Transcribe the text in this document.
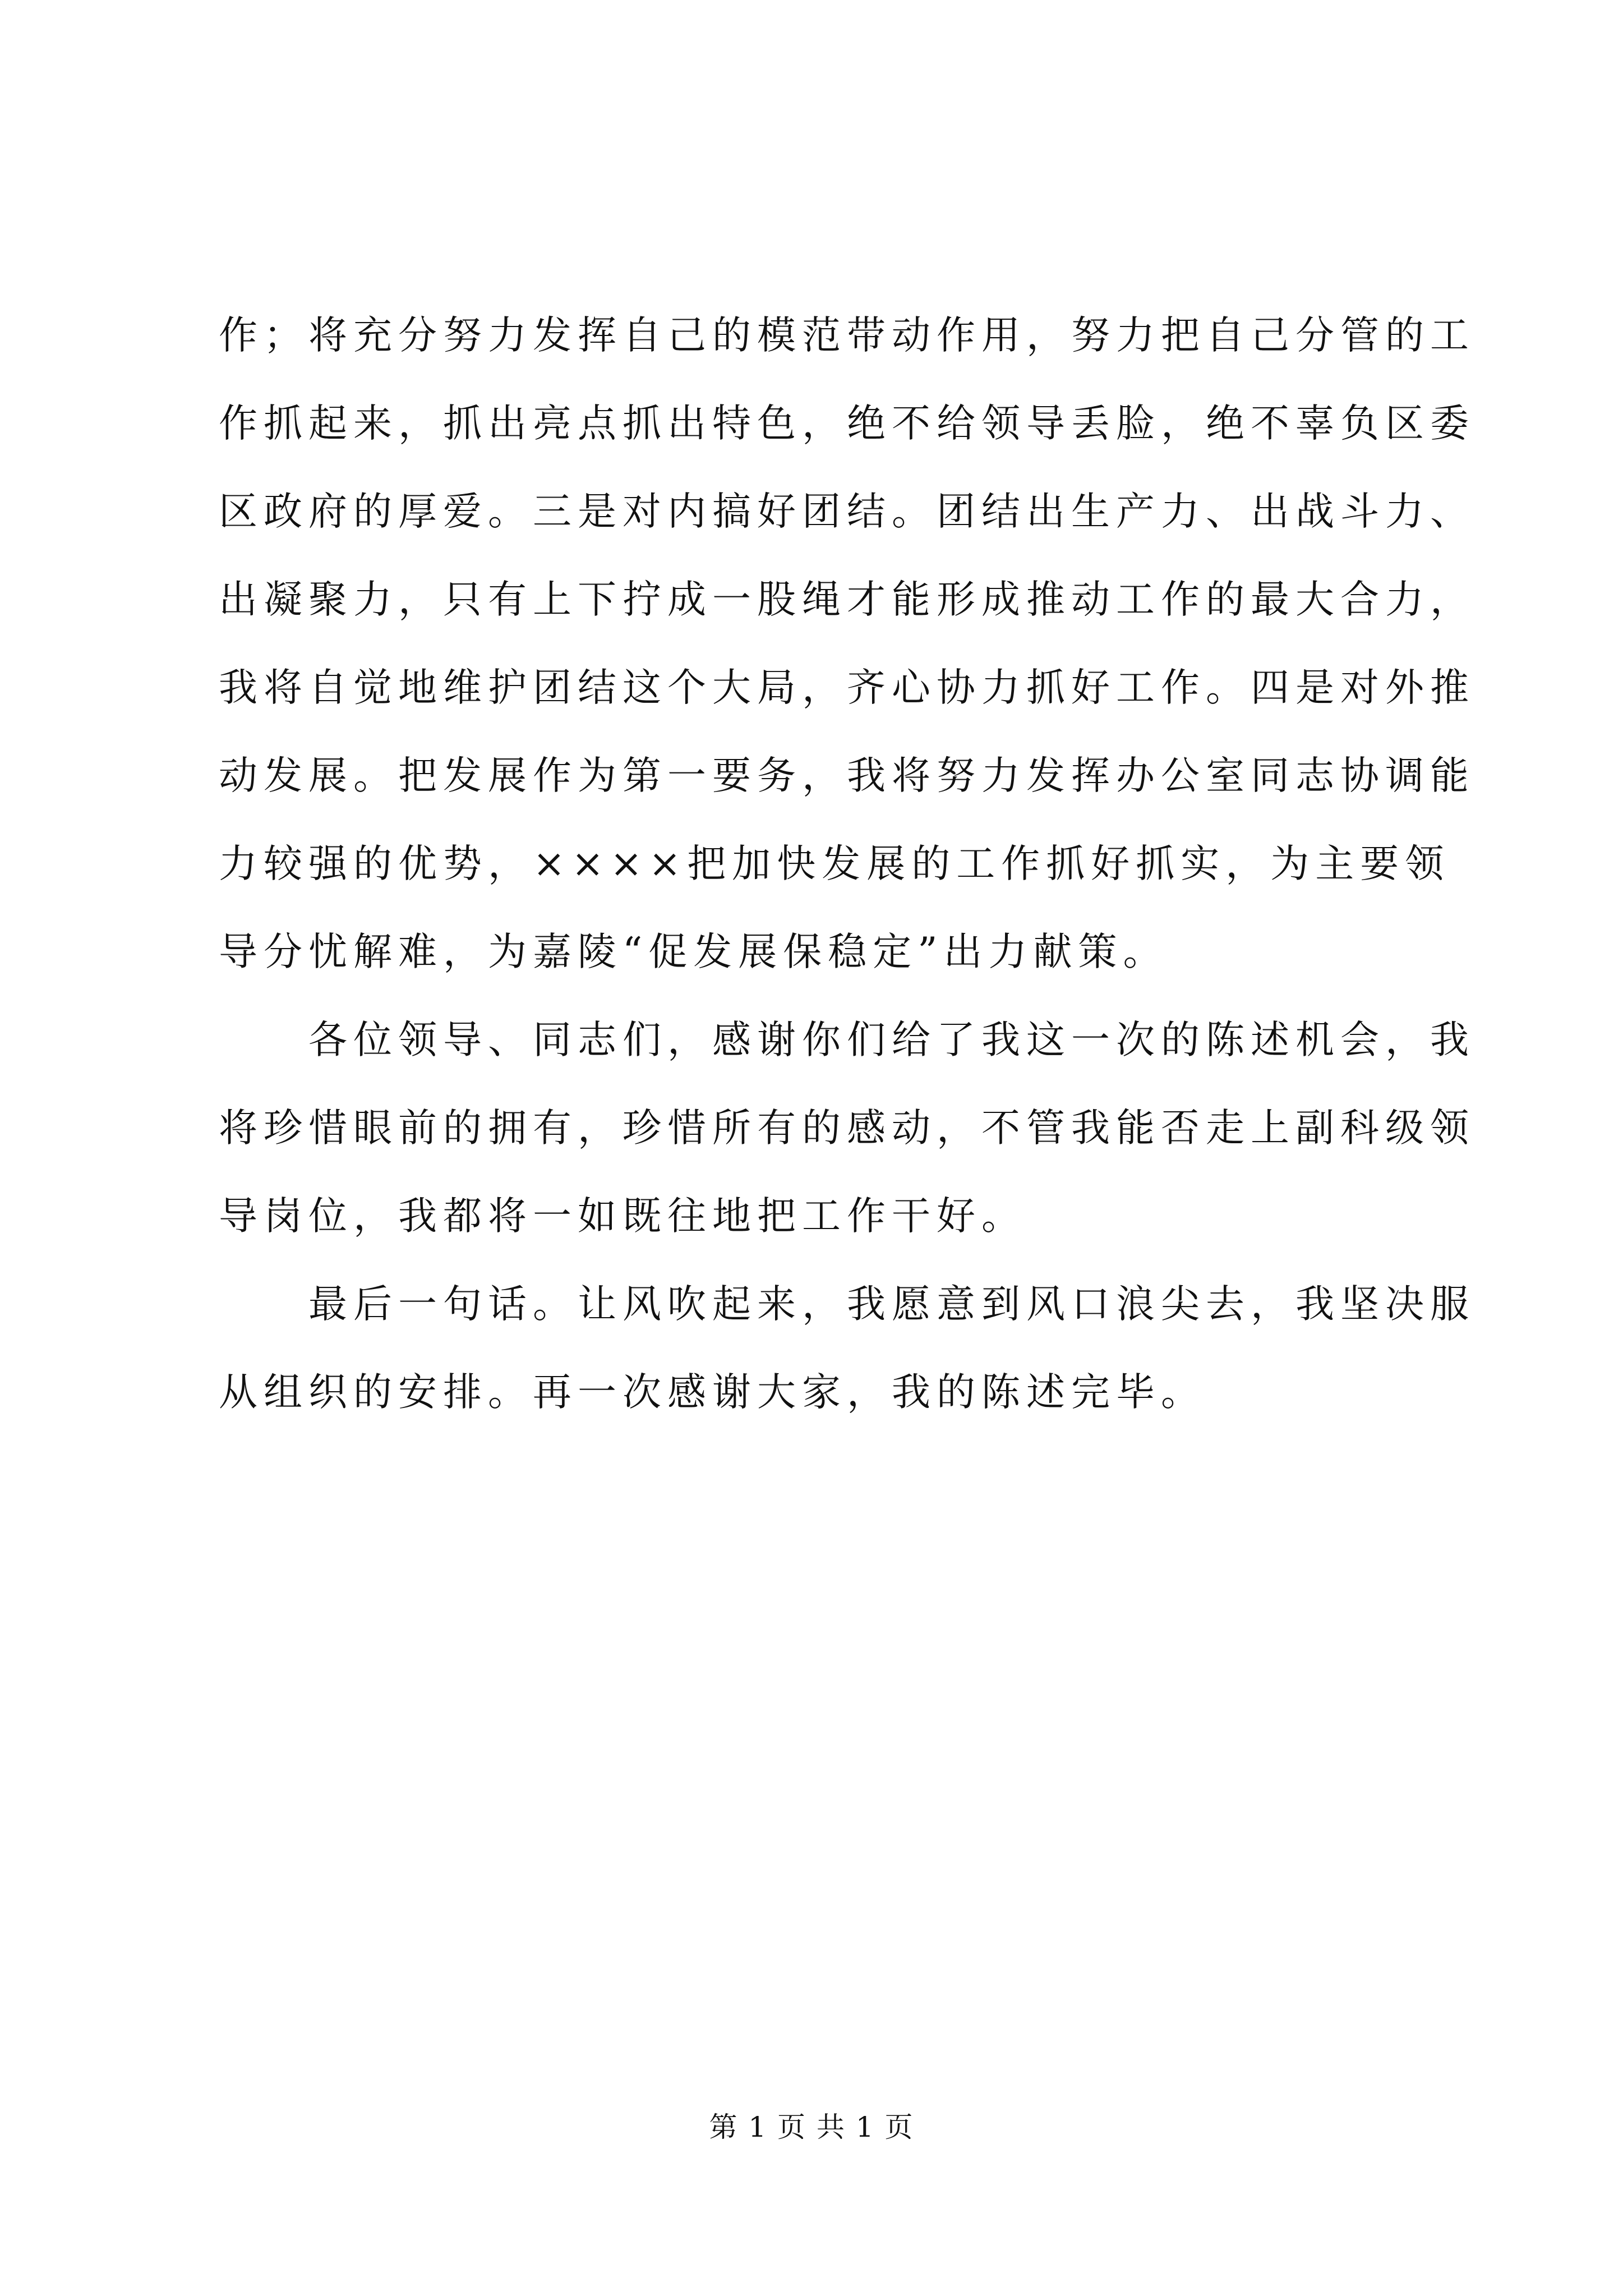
作；将充分努力发挥自己的模范带动作用，努力把自己分管的工
作抓起来，抓出亮点抓出特色，绝不给领导丢脸，绝不辜负区委
区政府的厚爱。三是对内搞好团结。团结出生产力、出战斗力、
出凝聚力，只有上下拧成一股绳才能形成推动工作的最大合力，
我将自觉地维护团结这个大局，齐心协力抓好工作。四是对外推
动发展。把发展作为第一要务，我将努力发挥办公室同志协调能
力较强的优势，××××把加快发展的工作抓好抓实，为主要领
导分忧解难，为嘉陵“促发展保稳定”出力献策。
　　各位领导、同志们，感谢你们给了我这一次的陈述机会，我
将珍惜眼前的拥有，珍惜所有的感动，不管我能否走上副科级领
导岗位，我都将一如既往地把工作干好。
　　最后一句话。让风吹起来，我愿意到风口浪尖去，我坚决服
从组织的安排。再一次感谢大家，我的陈述完毕。
第 1 页 共 1 页
